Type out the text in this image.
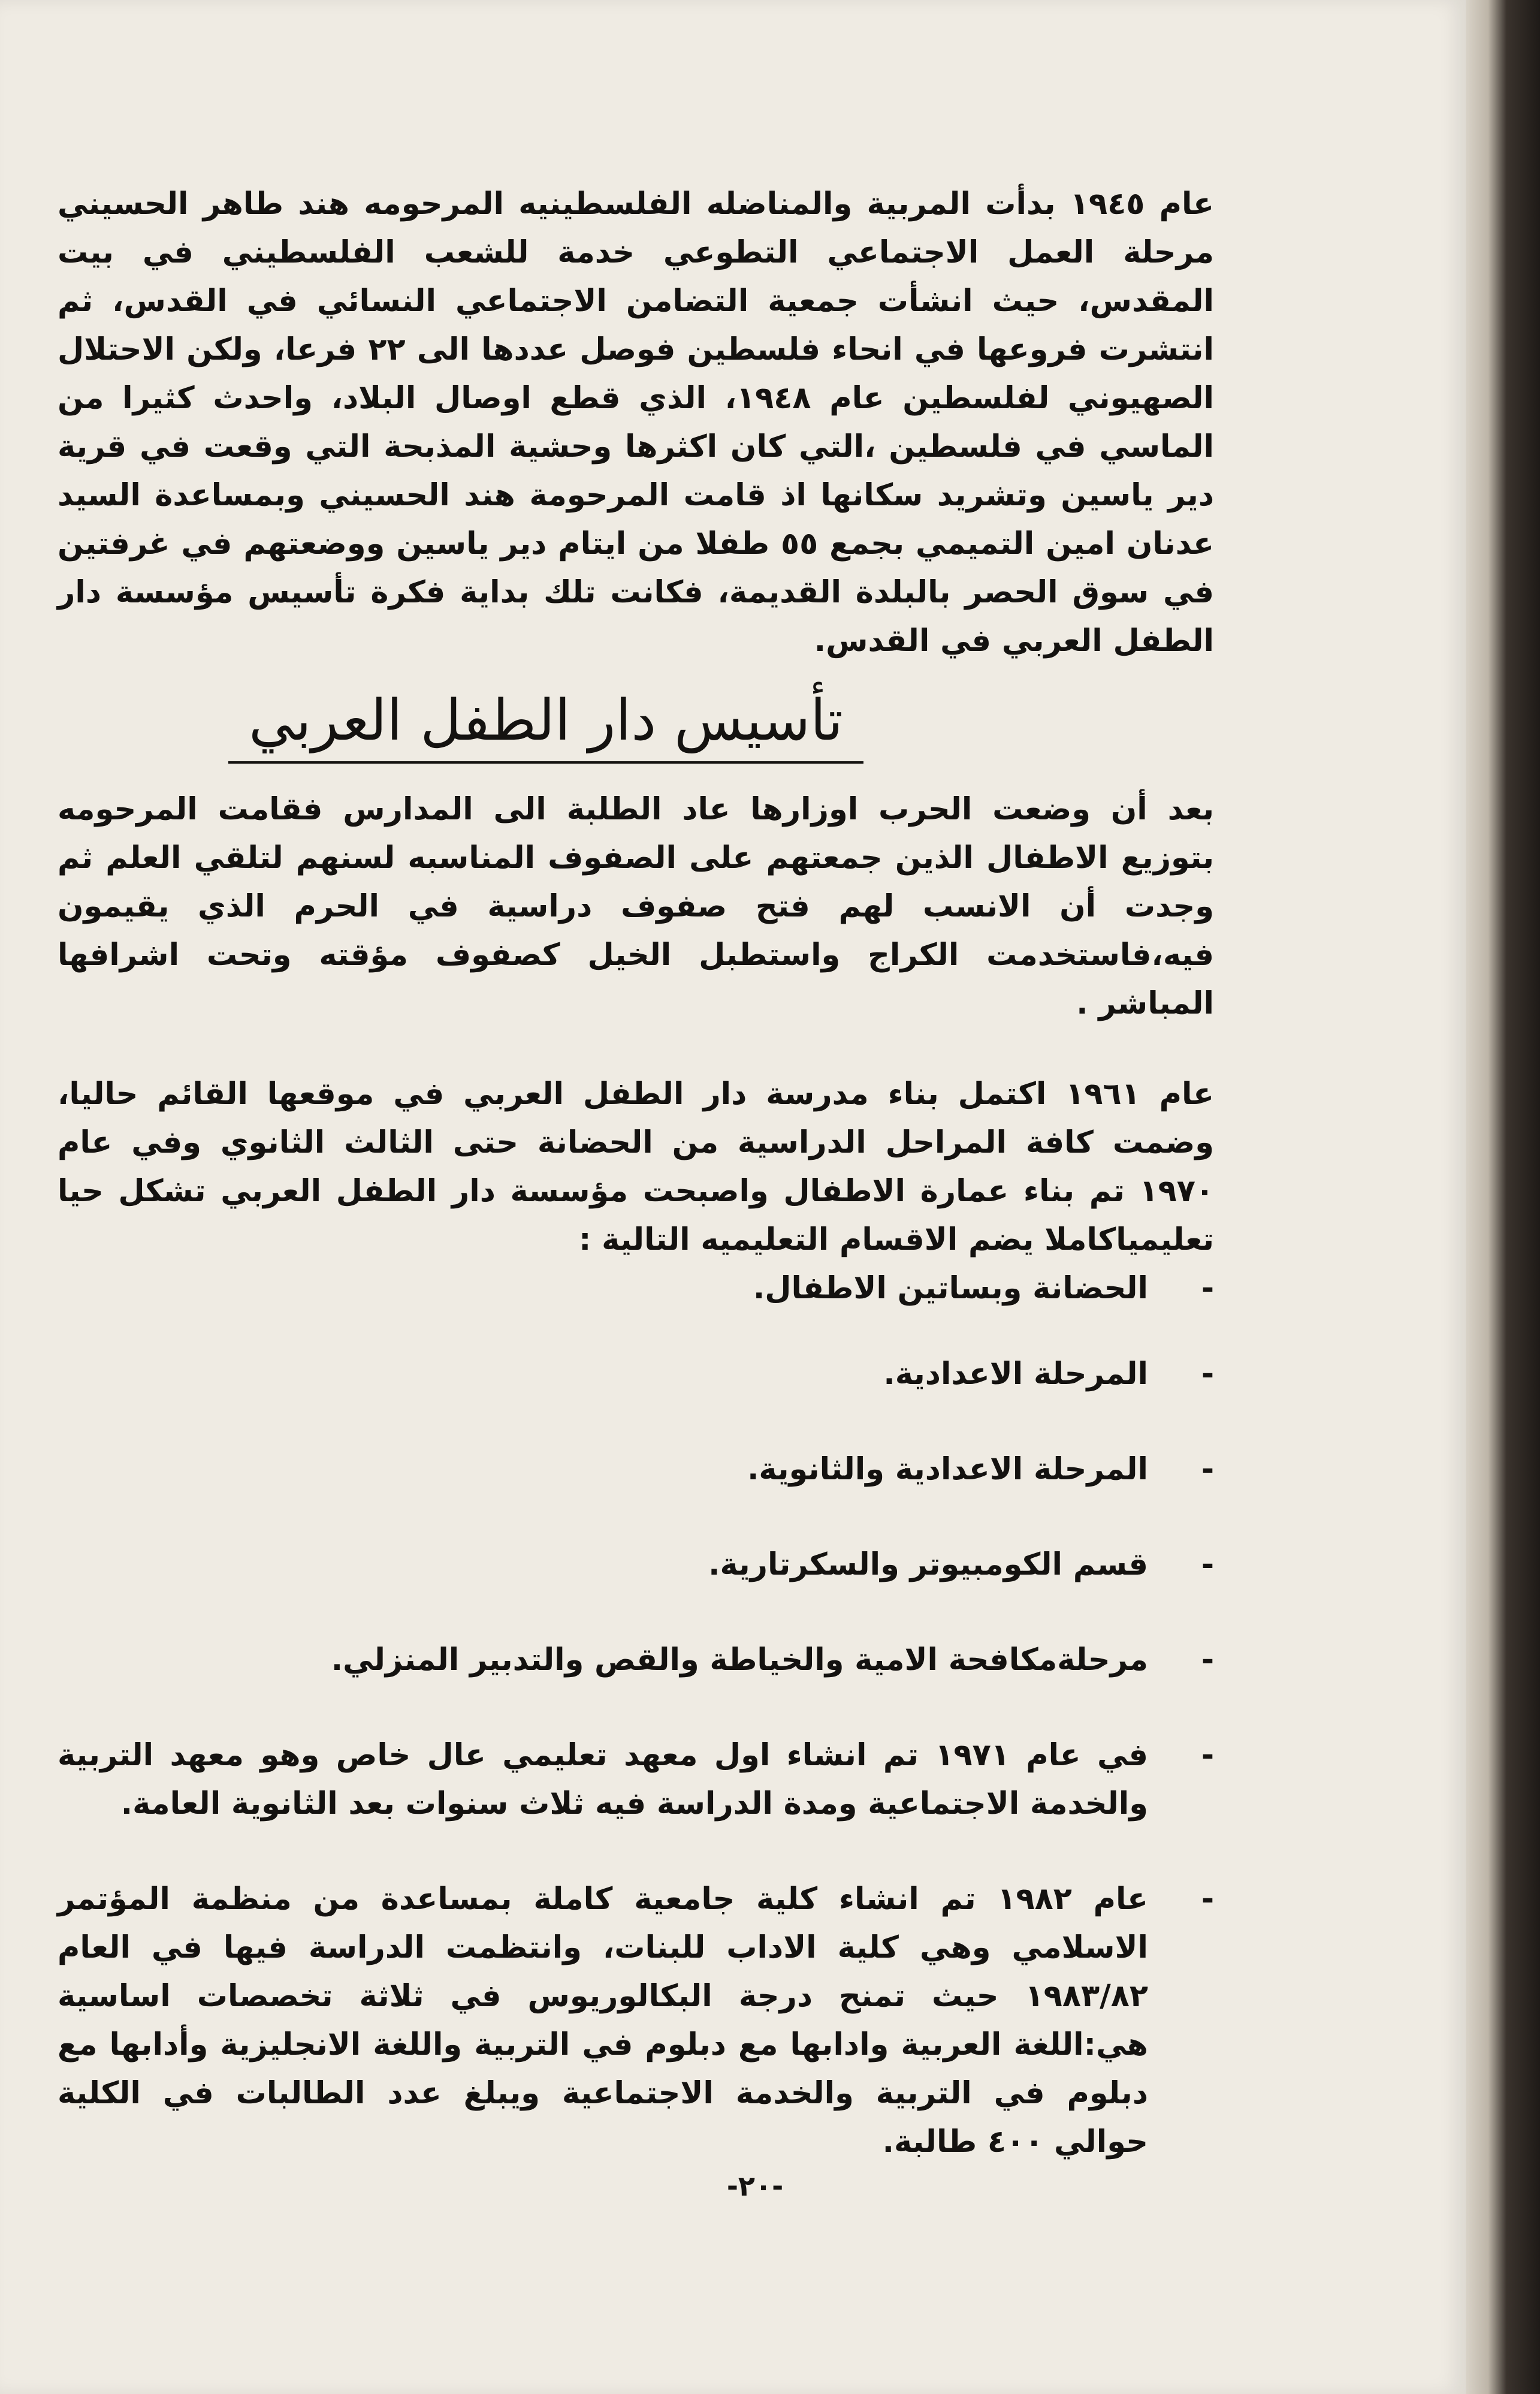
عام ١٩٤٥ بدأت المربية والمناضله الفلسطينيه المرحومه هند طاهر الحسيني مرحلة العمل الاجتماعي التطوعي خدمة للشعب الفلسطيني في بيت المقدس، حيث انشأت جمعية التضامن الاجتماعي النسائي في القدس، ثم انتشرت فروعها في انحاء فلسطين فوصل عددها الى ٢٢ فرعا، ولكن الاحتلال الصهيوني لفلسطين عام ١٩٤٨، الذي قطع اوصال البلاد، واحدث كثيرا من الماسي في فلسطين ،التي كان اكثرها وحشية المذبحة التي وقعت في قرية دير ياسين وتشريد سكانها اذ قامت المرحومة هند الحسيني وبمساعدة السيد عدنان امين التميمي بجمع ٥٥ طفلا من ايتام دير ياسين ووضعتهم في غرفتين في سوق الحصر بالبلدة القديمة، فكانت تلك بداية فكرة تأسيس مؤسسة دار الطفل العربي في القدس.

تأسيس دار الطفل العربي

بعد أن وضعت الحرب اوزارها عاد الطلبة الى المدارس فقامت المرحومه بتوزيع الاطفال الذين جمعتهم على الصفوف المناسبه لسنهم لتلقي العلم ثم وجدت أن الانسب لهم فتح صفوف دراسية في الحرم الذي يقيمون فيه،فاستخدمت الكراج واستطبل الخيل كصفوف مؤقته وتحت اشرافها المباشر .

عام ١٩٦١ اكتمل بناء مدرسة دار الطفل العربي في موقعها القائم حاليا، وضمت كافة المراحل الدراسية من الحضانة حتى الثالث الثانوي وفي عام ١٩٧٠ تم بناء عمارة الاطفال واصبحت مؤسسة دار الطفل العربي تشكل حيا تعليمياكاملا يضم الاقسام التعليميه التالية :

-
الحضانة وبساتين الاطفال.
-
المرحلة الاعدادية.
-
المرحلة الاعدادية والثانوية.
-
قسم الكومبيوتر والسكرتارية.
-
مرحلةمكافحة الامية والخياطة والقص والتدبير المنزلي.
-
في عام ١٩٧١ تم انشاء اول معهد تعليمي عال خاص وهو معهد التربية والخدمة الاجتماعية ومدة الدراسة فيه ثلاث سنوات بعد الثانوية العامة.
-
عام ١٩٨٢ تم انشاء كلية جامعية كاملة بمساعدة من منظمة المؤتمر الاسلامي وهي كلية الاداب للبنات، وانتظمت الدراسة فيها في العام ١٩٨٣/٨٢ حيث تمنح درجة البكالوريوس في ثلاثة تخصصات اساسية هي:اللغة العربية وادابها مع دبلوم في التربية واللغة الانجليزية وأدابها مع دبلوم في التربية والخدمة الاجتماعية ويبلغ عدد الطالبات في الكلية حوالي ٤٠٠ طالبة.
-٢٠-
